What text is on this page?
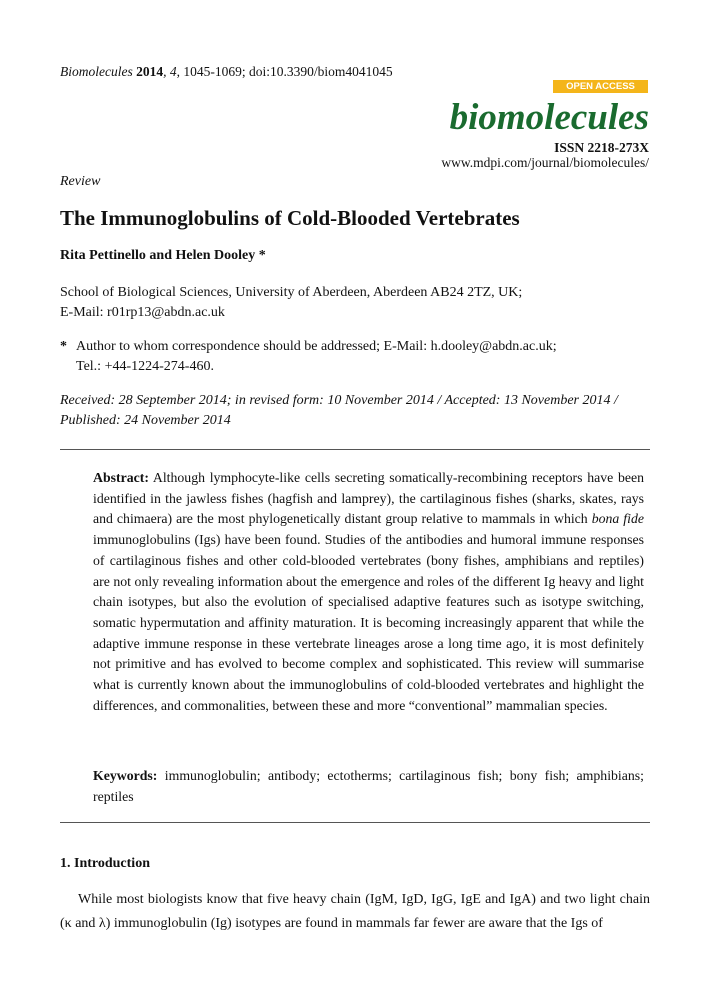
Biomolecules 2014, 4, 1045-1069; doi:10.3390/biom4041045
OPEN ACCESS
biomolecules
ISSN 2218-273X
www.mdpi.com/journal/biomolecules/
Review
The Immunoglobulins of Cold-Blooded Vertebrates
Rita Pettinello and Helen Dooley *
School of Biological Sciences, University of Aberdeen, Aberdeen AB24 2TZ, UK;
E-Mail: r01rp13@abdn.ac.uk
* Author to whom correspondence should be addressed; E-Mail: h.dooley@abdn.ac.uk;
Tel.: +44-1224-274-460.
Received: 28 September 2014; in revised form: 10 November 2014 / Accepted: 13 November 2014 /
Published: 24 November 2014
Abstract: Although lymphocyte-like cells secreting somatically-recombining receptors have been identified in the jawless fishes (hagfish and lamprey), the cartilaginous fishes (sharks, skates, rays and chimaera) are the most phylogenetically distant group relative to mammals in which bona fide immunoglobulins (Igs) have been found. Studies of the antibodies and humoral immune responses of cartilaginous fishes and other cold-blooded vertebrates (bony fishes, amphibians and reptiles) are not only revealing information about the emergence and roles of the different Ig heavy and light chain isotypes, but also the evolution of specialised adaptive features such as isotype switching, somatic hypermutation and affinity maturation. It is becoming increasingly apparent that while the adaptive immune response in these vertebrate lineages arose a long time ago, it is most definitely not primitive and has evolved to become complex and sophisticated. This review will summarise what is currently known about the immunoglobulins of cold-blooded vertebrates and highlight the differences, and commonalities, between these and more “conventional” mammalian species.
Keywords: immunoglobulin; antibody; ectotherms; cartilaginous fish; bony fish; amphibians; reptiles
1. Introduction
While most biologists know that five heavy chain (IgM, IgD, IgG, IgE and IgA) and two light chain (κ and λ) immunoglobulin (Ig) isotypes are found in mammals far fewer are aware that the Igs of
